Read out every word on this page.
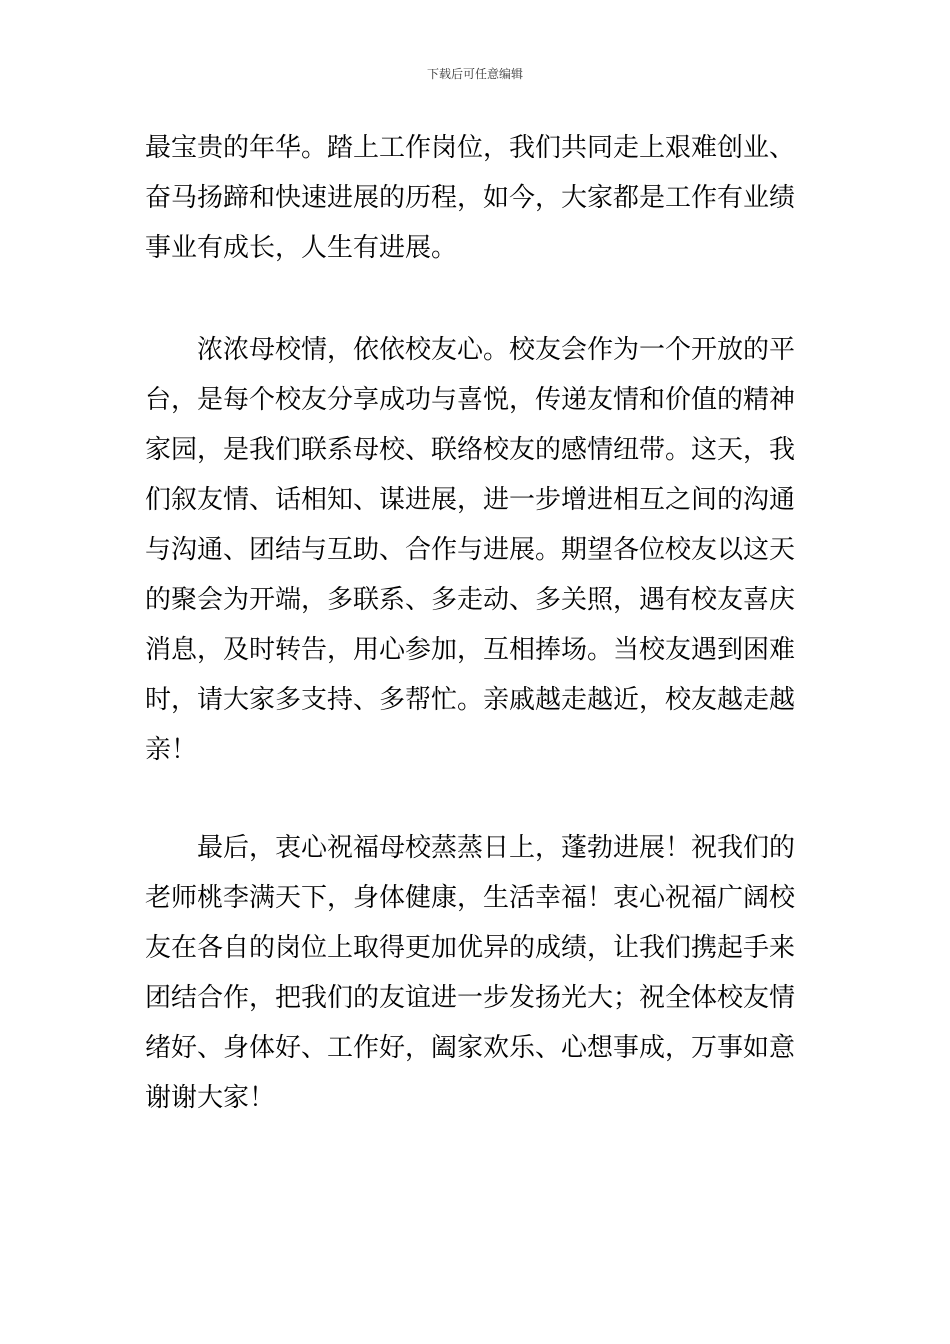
下载后可任意编辑
最宝贵的年华。踏上工作岗位，我们共同走上艰难创业、
奋马扬蹄和快速进展的历程，如今，大家都是工作有业绩
事业有成长，人生有进展。
　　浓浓母校情，依依校友心。校友会作为一个开放的平
台，是每个校友分享成功与喜悦，传递友情和价值的精神
家园，是我们联系母校、联络校友的感情纽带。这天，我
们叙友情、话相知、谋进展，进一步增进相互之间的沟通
与沟通、团结与互助、合作与进展。期望各位校友以这天
的聚会为开端，多联系、多走动、多关照，遇有校友喜庆
消息，及时转告，用心参加，互相捧场。当校友遇到困难
时，请大家多支持、多帮忙。亲戚越走越近，校友越走越
亲！
　　最后，衷心祝福母校蒸蒸日上，蓬勃进展！祝我们的
老师桃李满天下，身体健康，生活幸福！衷心祝福广阔校
友在各自的岗位上取得更加优异的成绩，让我们携起手来
团结合作，把我们的友谊进一步发扬光大；祝全体校友情
绪好、身体好、工作好，阖家欢乐、心想事成，万事如意
谢谢大家！
